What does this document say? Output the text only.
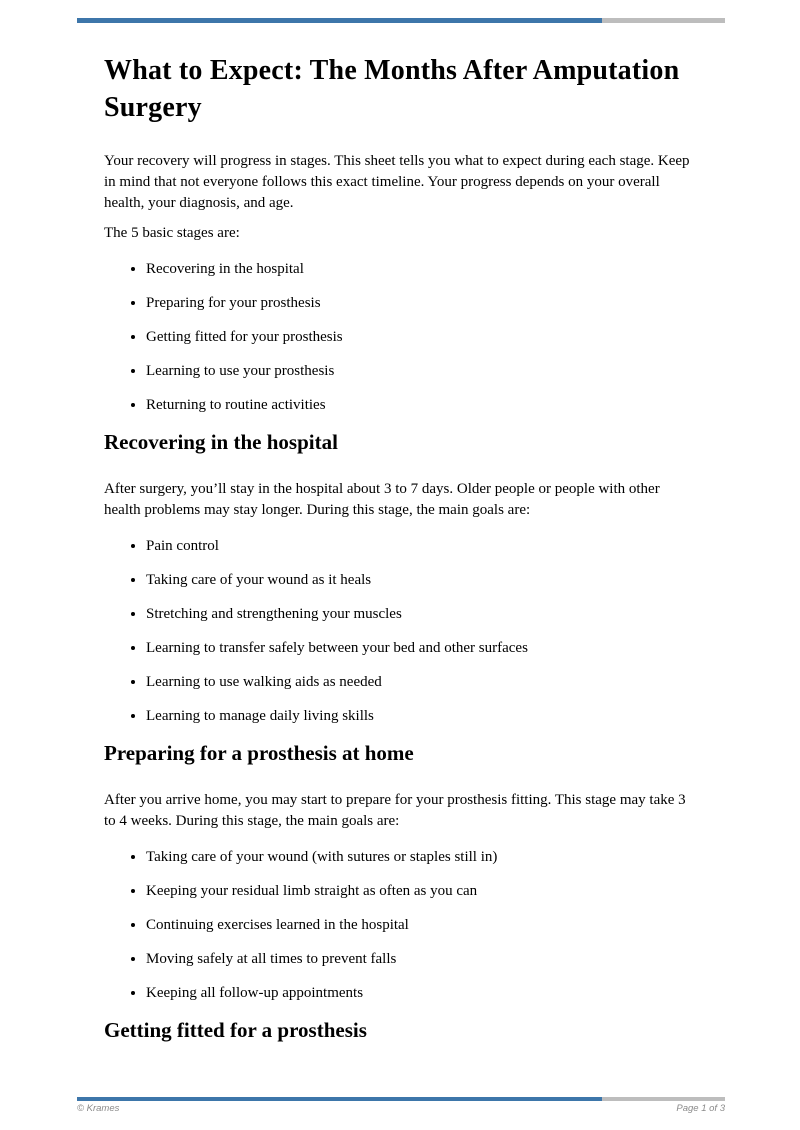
What to Expect: The Months After Amputation Surgery

Your recovery will progress in stages. This sheet tells you what to expect during each stage. Keep in mind that not everyone follows this exact timeline. Your progress depends on your overall health, your diagnosis, and age.

The 5 basic stages are:

• Recovering in the hospital
• Preparing for your prosthesis
• Getting fitted for your prosthesis
• Learning to use your prosthesis
• Returning to routine activities
Recovering in the hospital

After surgery, you’ll stay in the hospital about 3 to 7 days. Older people or people with other health problems may stay longer. During this stage, the main goals are:

• Pain control
• Taking care of your wound as it heals
• Stretching and strengthening your muscles
• Learning to transfer safely between your bed and other surfaces
• Learning to use walking aids as needed
• Learning to manage daily living skills
Preparing for a prosthesis at home

After you arrive home, you may start to prepare for your prosthesis fitting. This stage may take 3 to 4 weeks. During this stage, the main goals are:

• Taking care of your wound (with sutures or staples still in)
• Keeping your residual limb straight as often as you can
• Continuing exercises learned in the hospital
• Moving safely at all times to prevent falls
• Keeping all follow-up appointments
Getting fitted for a prosthesis
© Krames	Page 1 of 3
